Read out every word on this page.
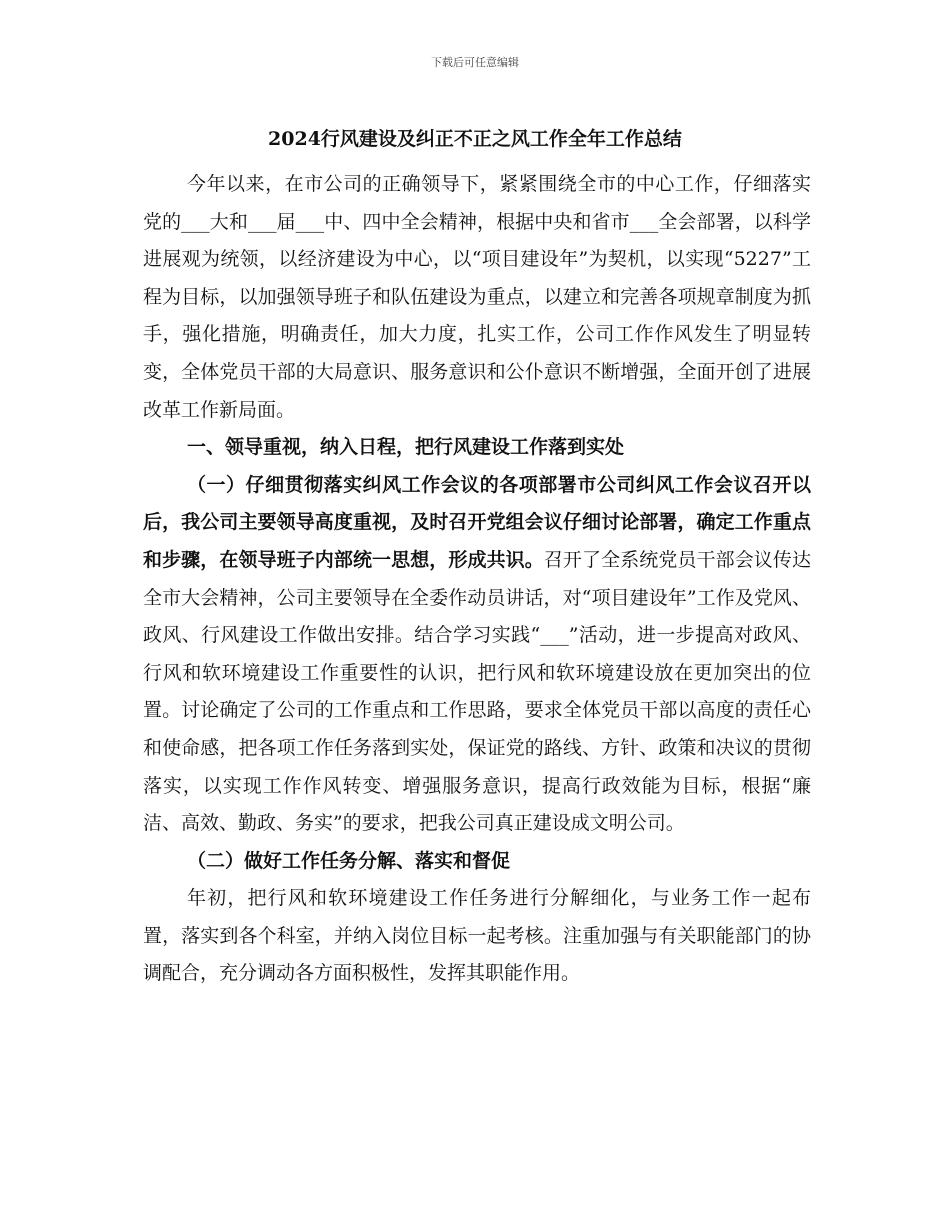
下载后可任意编辑
2024行风建设及纠正不正之风工作全年工作总结

今年以来，在市公司的正确领导下，紧紧围绕全市的中心工作，仔细落实党的___大和___届___中、四中全会精神，根据中央和省市___全会部署，以科学进展观为统领，以经济建设为中心，以“项目建设年”为契机，以实现“5227”工程为目标，以加强领导班子和队伍建设为重点，以建立和完善各项规章制度为抓手，强化措施，明确责任，加大力度，扎实工作，公司工作作风发生了明显转变，全体党员干部的大局意识、服务意识和公仆意识不断增强，全面开创了进展改革工作新局面。

一、领导重视，纳入日程，把行风建设工作落到实处

（一）仔细贯彻落实纠风工作会议的各项部署市公司纠风工作会议召开以后，我公司主要领导高度重视，及时召开党组会议仔细讨论部署，确定工作重点和步骤，在领导班子内部统一思想，形成共识。召开了全系统党员干部会议传达全市大会精神，公司主要领导在全委作动员讲话，对“项目建设年”工作及党风、政风、行风建设工作做出安排。结合学习实践“___”活动，进一步提高对政风、行风和软环境建设工作重要性的认识，把行风和软环境建设放在更加突出的位置。讨论确定了公司的工作重点和工作思路，要求全体党员干部以高度的责任心和使命感，把各项工作任务落到实处，保证党的路线、方针、政策和决议的贯彻落实，以实现工作作风转变、增强服务意识，提高行政效能为目标，根据“廉洁、高效、勤政、务实”的要求，把我公司真正建设成文明公司。

（二）做好工作任务分解、落实和督促

年初，把行风和软环境建设工作任务进行分解细化，与业务工作一起布置，落实到各个科室，并纳入岗位目标一起考核。注重加强与有关职能部门的协调配合，充分调动各方面积极性，发挥其职能作用。
